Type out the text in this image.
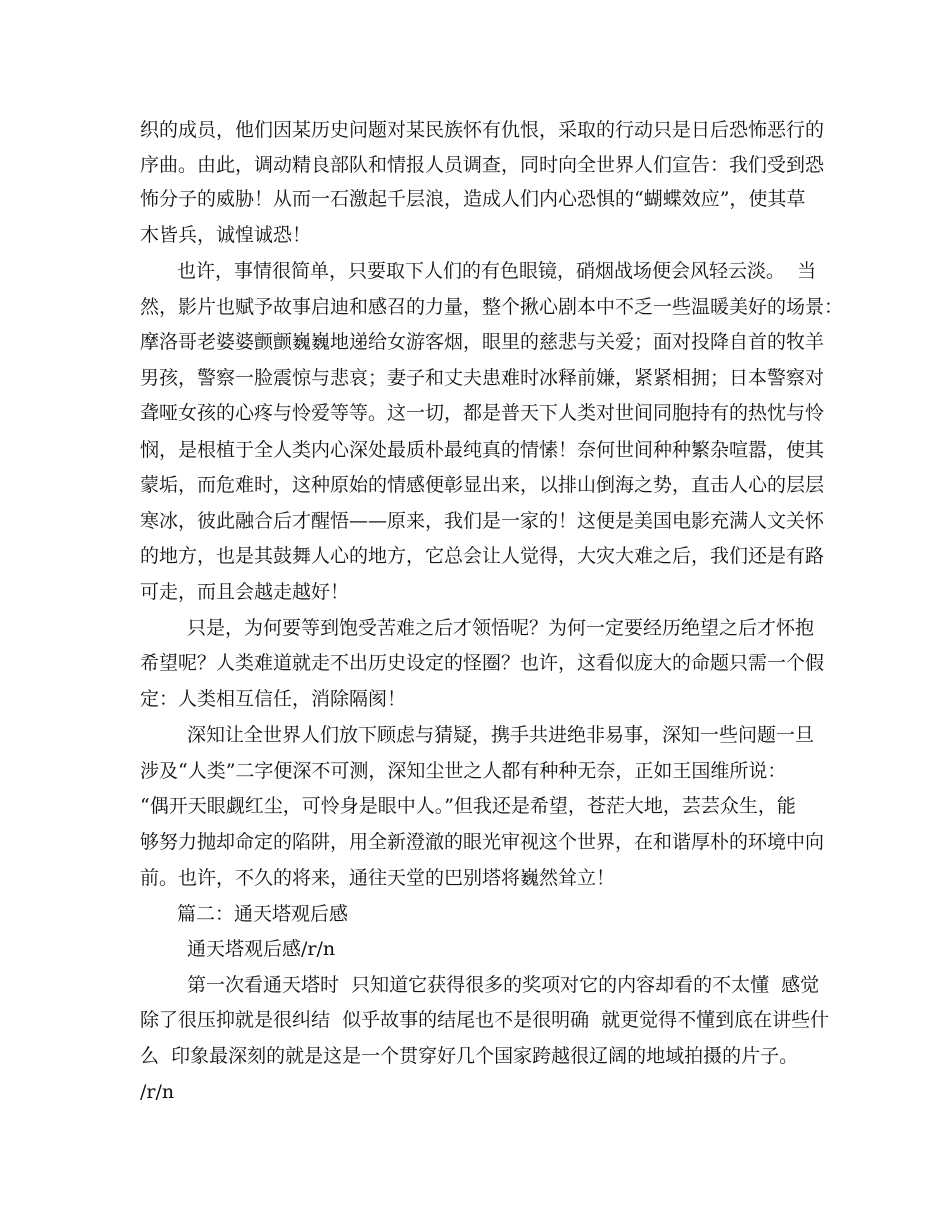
织的成员，他们因某历史问题对某民族怀有仇恨，采取的行动只是日后恐怖恶行的
序曲。由此，调动精良部队和情报人员调查，同时向全世界人们宣告：我们受到恐
怖分子的威胁！从而一石激起千层浪，造成人们内心恐惧的“蝴蝶效应”，使其草
木皆兵，诚惶诚恐！
也许，事情很简单，只要取下人们的有色眼镜，硝烟战场便会风轻云淡。  当
然，影片也赋予故事启迪和感召的力量，整个揪心剧本中不乏一些温暖美好的场景：
摩洛哥老婆婆颤颤巍巍地递给女游客烟，眼里的慈悲与关爱；面对投降自首的牧羊
男孩，警察一脸震惊与悲哀；妻子和丈夫患难时冰释前嫌，紧紧相拥；日本警察对
聋哑女孩的心疼与怜爱等等。这一切，都是普天下人类对世间同胞持有的热忱与怜
悯，是根植于全人类内心深处最质朴最纯真的情愫！奈何世间种种繁杂喧嚣，使其
蒙垢，而危难时，这种原始的情感便彰显出来，以排山倒海之势，直击人心的层层
寒冰，彼此融合后才醒悟——原来，我们是一家的！这便是美国电影充满人文关怀
的地方，也是其鼓舞人心的地方，它总会让人觉得，大灾大难之后，我们还是有路
可走，而且会越走越好！
只是，为何要等到饱受苦难之后才领悟呢？为何一定要经历绝望之后才怀抱
希望呢？人类难道就走不出历史设定的怪圈？也许，这看似庞大的命题只需一个假
定：人类相互信任，消除隔阂！
深知让全世界人们放下顾虑与猜疑，携手共进绝非易事，深知一些问题一旦
涉及“人类”二字便深不可测，深知尘世之人都有种种无奈，正如王国维所说：
“偶开天眼觑红尘，可怜身是眼中人。”但我还是希望，苍茫大地，芸芸众生，能
够努力抛却命定的陷阱，用全新澄澈的眼光审视这个世界，在和谐厚朴的环境中向
前。也许，不久的将来，通往天堂的巴别塔将巍然耸立！
篇二：通天塔观后感
通天塔观后感/r/n
第一次看通天塔时  只知道它获得很多的奖项对它的内容却看的不太懂  感觉
除了很压抑就是很纠结  似乎故事的结尾也不是很明确  就更觉得不懂到底在讲些什
么  印象最深刻的就是这是一个贯穿好几个国家跨越很辽阔的地域拍摄的片子。
/r/n
